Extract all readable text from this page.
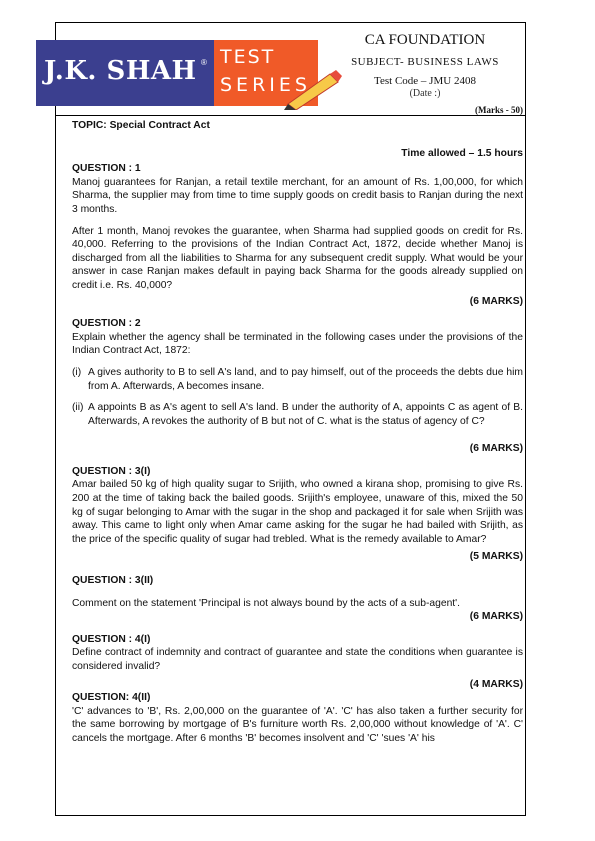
J.K. SHAH ® TEST
SERIES
CA FOUNDATION
SUBJECT- BUSINESS LAWS
Test Code – JMU 2408
(Date :)
(Marks - 50)

TOPIC: Special Contract Act

Time allowed – 1.5 hours

QUESTION : 1

Manoj guarantees for Ranjan, a retail textile merchant, for an amount of Rs. 1,00,000, for which Sharma, the supplier may from time to time supply goods on credit basis to Ranjan during the next 3 months.

After 1 month, Manoj revokes the guarantee, when Sharma had supplied goods on credit for Rs. 40,000. Referring to the provisions of the Indian Contract Act, 1872, decide whether Manoj is discharged from all the liabilities to Sharma for any subsequent credit supply. What would be your answer in case Ranjan makes default in paying back Sharma for the goods already supplied on credit i.e. Rs. 40,000?

(6 MARKS)

QUESTION : 2

Explain whether the agency shall be terminated in the following cases under the provisions of the Indian Contract Act, 1872:

(i) A gives authority to B to sell A's land, and to pay himself, out of the proceeds the debts due him from A. Afterwards, A becomes insane.
(ii) A appoints B as A's agent to sell A's land. B under the authority of A, appoints C as agent of B. Afterwards, A revokes the authority of B but not of C. what is the status of agency of C?

(6 MARKS)

QUESTION : 3(I)

Amar bailed 50 kg of high quality sugar to Srijith, who owned a kirana shop, promising to give Rs. 200 at the time of taking back the bailed goods. Srijith's employee, unaware of this, mixed the 50 kg of sugar belonging to Amar with the sugar in the shop and packaged it for sale when Srijith was away. This came to light only when Amar came asking for the sugar he had bailed with Srijith, as the price of the specific quality of sugar had trebled. What is the remedy available to Amar?

(5 MARKS)

QUESTION : 3(II)

Comment on the statement 'Principal is not always bound by the acts of a sub-agent'.

(6 MARKS)

QUESTION : 4(I)

Define contract of indemnity and contract of guarantee and state the conditions when guarantee is considered invalid?

(4 MARKS)

QUESTION: 4(II)

'C' advances to 'B', Rs. 2,00,000 on the guarantee of 'A'. 'C' has also taken a further security for the same borrowing by mortgage of B's furniture worth Rs. 2,00,000 without knowledge of 'A'. C' cancels the mortgage. After 6 months 'B' becomes insolvent and 'C' 'sues 'A' his
